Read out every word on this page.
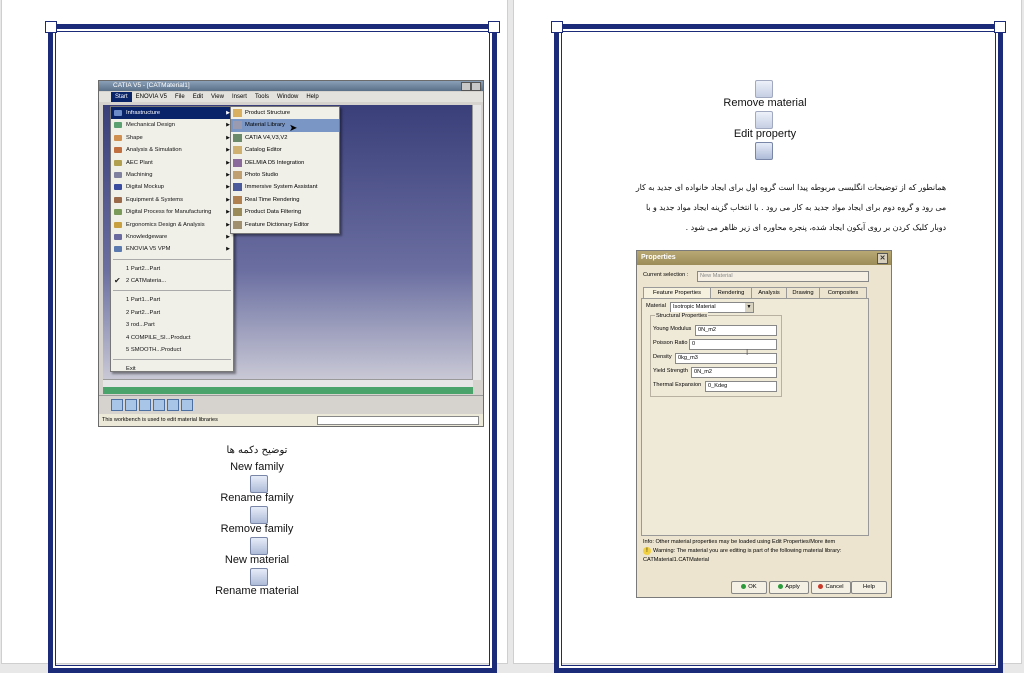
CATIA V5 - [CATMaterial1]
Start	ENOVIA V5	File	Edit	View	Insert	Tools	Window	Help
This workbench is used to edit material libraries
Infrastructure	▶
Mechanical Design	▶
Shape	▶
Analysis & Simulation	▶
AEC Plant	▶
Machining	▶
Digital Mockup	▶
Equipment & Systems	▶
Digital Process for Manufacturing	▶
Ergonomics Design & Analysis	▶
Knowledgeware	▶
ENOVIA V5 VPM	▶
1 Part2...Part
✔ 2 CATMateria...
1 Part1...Part
2 Part2...Part
3 rod...Part
4 COMPILE_SI...Product
5 SMOOTH...Product
Exit
Product Structure
Material Library
CATIA V4,V3,V2
Catalog Editor
DELMIA D5 Integration
Photo Studio
Immersive System Assistant
Real Time Rendering
Product Data Filtering
Feature Dictionary Editor
➤
توضیح دکمه ها
New family
Rename family
Remove family
New material
Rename material
Remove material
Edit property
همانطور که از توضیحات انگلیسی مربوطه پیدا است گروه اول برای ایجاد خانواده ای جدید به کار
می رود و گروه دوم برای ایجاد مواد جدید به کار می رود . با انتخاب گزینه ایجاد مواد جدید و با
دوبار کلیک کردن بر روی آیکون ایجاد شده، پنجره محاوره ای زیر ظاهر می شود .
Properties	✕
Current selection :	New Material
Feature Properties	Rendering	Analysis	Drawing	Composites
Material	Isotropic Material	▼
Structural Properties
Young Modulus	0N_m2
Poisson Ratio 0
Density	0kg_m3
Yield Strength	0N_m2
Thermal Expansion	0_Kdeg
I
Info: Other material properties may be loaded using Edit Properties/More item
! Warning: The material you are editing is part of the following material library:
CATMaterial1.CATMaterial
OK	Apply	Cancel	Help
